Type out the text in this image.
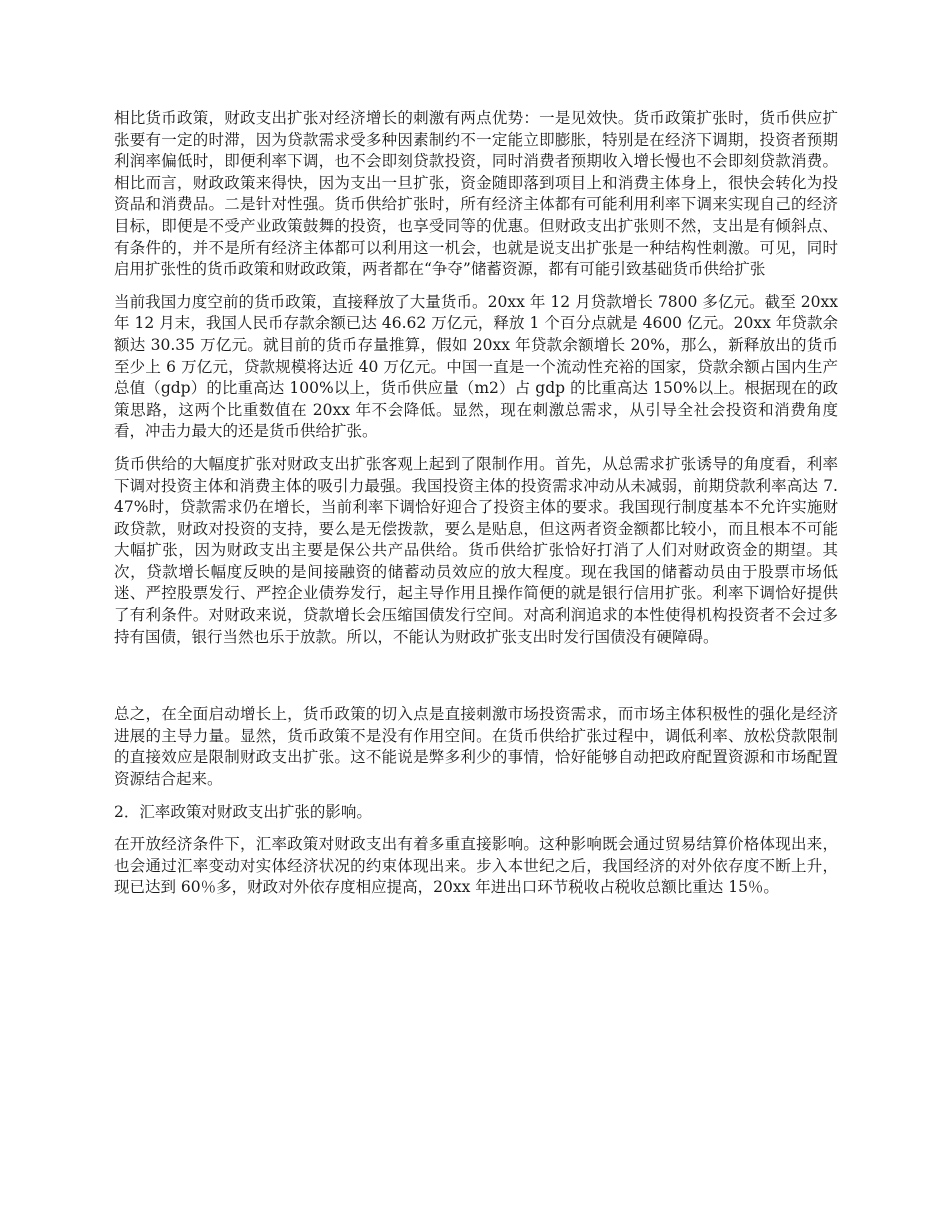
相比货币政策，财政支出扩张对经济增长的刺激有两点优势：一是见效快。货币政策扩张时，货币供应扩张要有一定的时滞，因为贷款需求受多种因素制约不一定能立即膨胀，特别是在经济下调期，投资者预期利润率偏低时，即便利率下调，也不会即刻贷款投资，同时消费者预期收入增长慢也不会即刻贷款消费。相比而言，财政政策来得快，因为支出一旦扩张，资金随即落到项目上和消费主体身上，很快会转化为投资品和消费品。二是针对性强。货币供给扩张时，所有经济主体都有可能利用利率下调来实现自己的经济目标，即便是不受产业政策鼓舞的投资，也享受同等的优惠。但财政支出扩张则不然，支出是有倾斜点、有条件的，并不是所有经济主体都可以利用这一机会，也就是说支出扩张是一种结构性刺激。可见，同时启用扩张性的货币政策和财政政策，两者都在“争夺”储蓄资源，都有可能引致基础货币供给扩张

当前我国力度空前的货币政策，直接释放了大量货币。20xx 年 12 月贷款增长 7800 多亿元。截至 20xx 年 12 月末，我国人民币存款余额已达 46.62 万亿元，释放 1 个百分点就是 4600 亿元。20xx 年贷款余额达 30.35 万亿元。就目前的货币存量推算，假如 20xx 年贷款余额增长 20%，那么，新释放出的货币至少上 6 万亿元，贷款规模将达近 40 万亿元。中国一直是一个流动性充裕的国家，贷款余额占国内生产总值（gdp）的比重高达 100%以上，货币供应量（m2）占 gdp 的比重高达 150%以上。根据现在的政策思路，这两个比重数值在 20xx 年不会降低。显然，现在刺激总需求，从引导全社会投资和消费角度看，冲击力最大的还是货币供给扩张。

货币供给的大幅度扩张对财政支出扩张客观上起到了限制作用。首先，从总需求扩张诱导的角度看，利率下调对投资主体和消费主体的吸引力最强。我国投资主体的投资需求冲动从未减弱，前期贷款利率高达 7.47%时，贷款需求仍在增长，当前利率下调恰好迎合了投资主体的要求。我国现行制度基本不允许实施财政贷款，财政对投资的支持，要么是无偿拨款，要么是贴息，但这两者资金额都比较小，而且根本不可能大幅扩张，因为财政支出主要是保公共产品供给。货币供给扩张恰好打消了人们对财政资金的期望。其次，贷款增长幅度反映的是间接融资的储蓄动员效应的放大程度。现在我国的储蓄动员由于股票市场低迷、严控股票发行、严控企业债券发行，起主导作用且操作简便的就是银行信用扩张。利率下调恰好提供了有利条件。对财政来说，贷款增长会压缩国债发行空间。对高利润追求的本性使得机构投资者不会过多持有国债，银行当然也乐于放款。所以，不能认为财政扩张支出时发行国债没有硬障碍。

总之，在全面启动增长上，货币政策的切入点是直接刺激市场投资需求，而市场主体积极性的强化是经济进展的主导力量。显然，货币政策不是没有作用空间。在货币供给扩张过程中，调低利率、放松贷款限制的直接效应是限制财政支出扩张。这不能说是弊多利少的事情，恰好能够自动把政府配置资源和市场配置资源结合起来。

2．汇率政策对财政支出扩张的影响。

在开放经济条件下，汇率政策对财政支出有着多重直接影响。这种影响既会通过贸易结算价格体现出来，也会通过汇率变动对实体经济状况的约束体现出来。步入本世纪之后，我国经济的对外依存度不断上升，现已达到 60％多，财政对外依存度相应提高，20xx 年进出口环节税收占税收总额比重达 15％。
